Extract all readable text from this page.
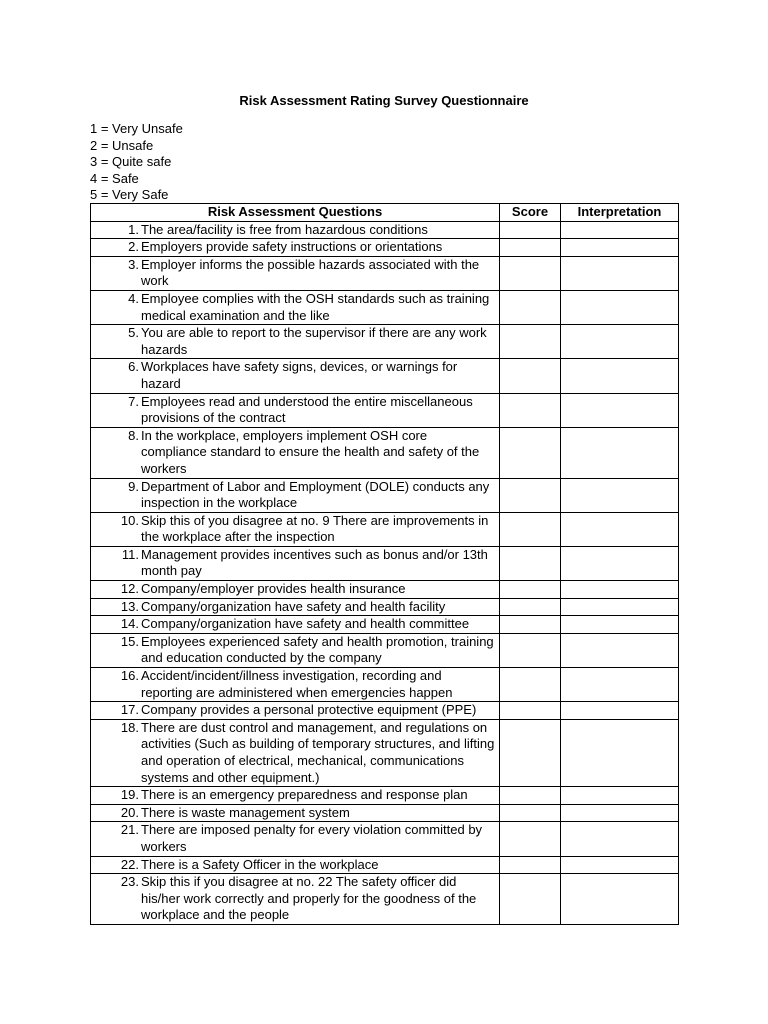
Risk Assessment Rating Survey Questionnaire
1 = Very Unsafe
2 = Unsafe
3 = Quite safe
4 = Safe
5 = Very Safe
Risk Assessment Questions	Score	Interpretation

1. The area/facility is free from hazardous conditions		

2. Employers provide safety instructions or orientations		

3. Employer informs the possible hazards associated with the work		

4. Employee complies with the OSH standards such as training medical examination and the like		

5. You are able to report to the supervisor if there are any work hazards		

6. Workplaces have safety signs, devices, or warnings for hazard		

7. Employees read and understood the entire miscellaneous provisions of the contract		

8. In the workplace, employers implement OSH core compliance standard to ensure the health and safety of the workers		

9. Department of Labor and Employment (DOLE) conducts any inspection in the workplace		

10. Skip this of you disagree at no. 9 There are improvements in the workplace after the inspection		

11. Management provides incentives such as bonus and/or 13th month pay		

12. Company/employer provides health insurance		

13. Company/organization have safety and health facility		

14. Company/organization have safety and health committee		

15. Employees experienced safety and health promotion, training and education conducted by the company		

16. Accident/incident/illness investigation, recording and reporting are administered when emergencies happen		

17. Company provides a personal protective equipment (PPE)		

18. There are dust control and management, and regulations on activities (Such as building of temporary structures, and lifting and operation of electrical, mechanical, communications systems and other equipment.)		

19. There is an emergency preparedness and response plan		

20. There is waste management system		

21. There are imposed penalty for every violation committed by workers		

22. There is a Safety Officer in the workplace		

23. Skip this if you disagree at no. 22 The safety officer did his/her work correctly and properly for the goodness of the workplace and the people		
